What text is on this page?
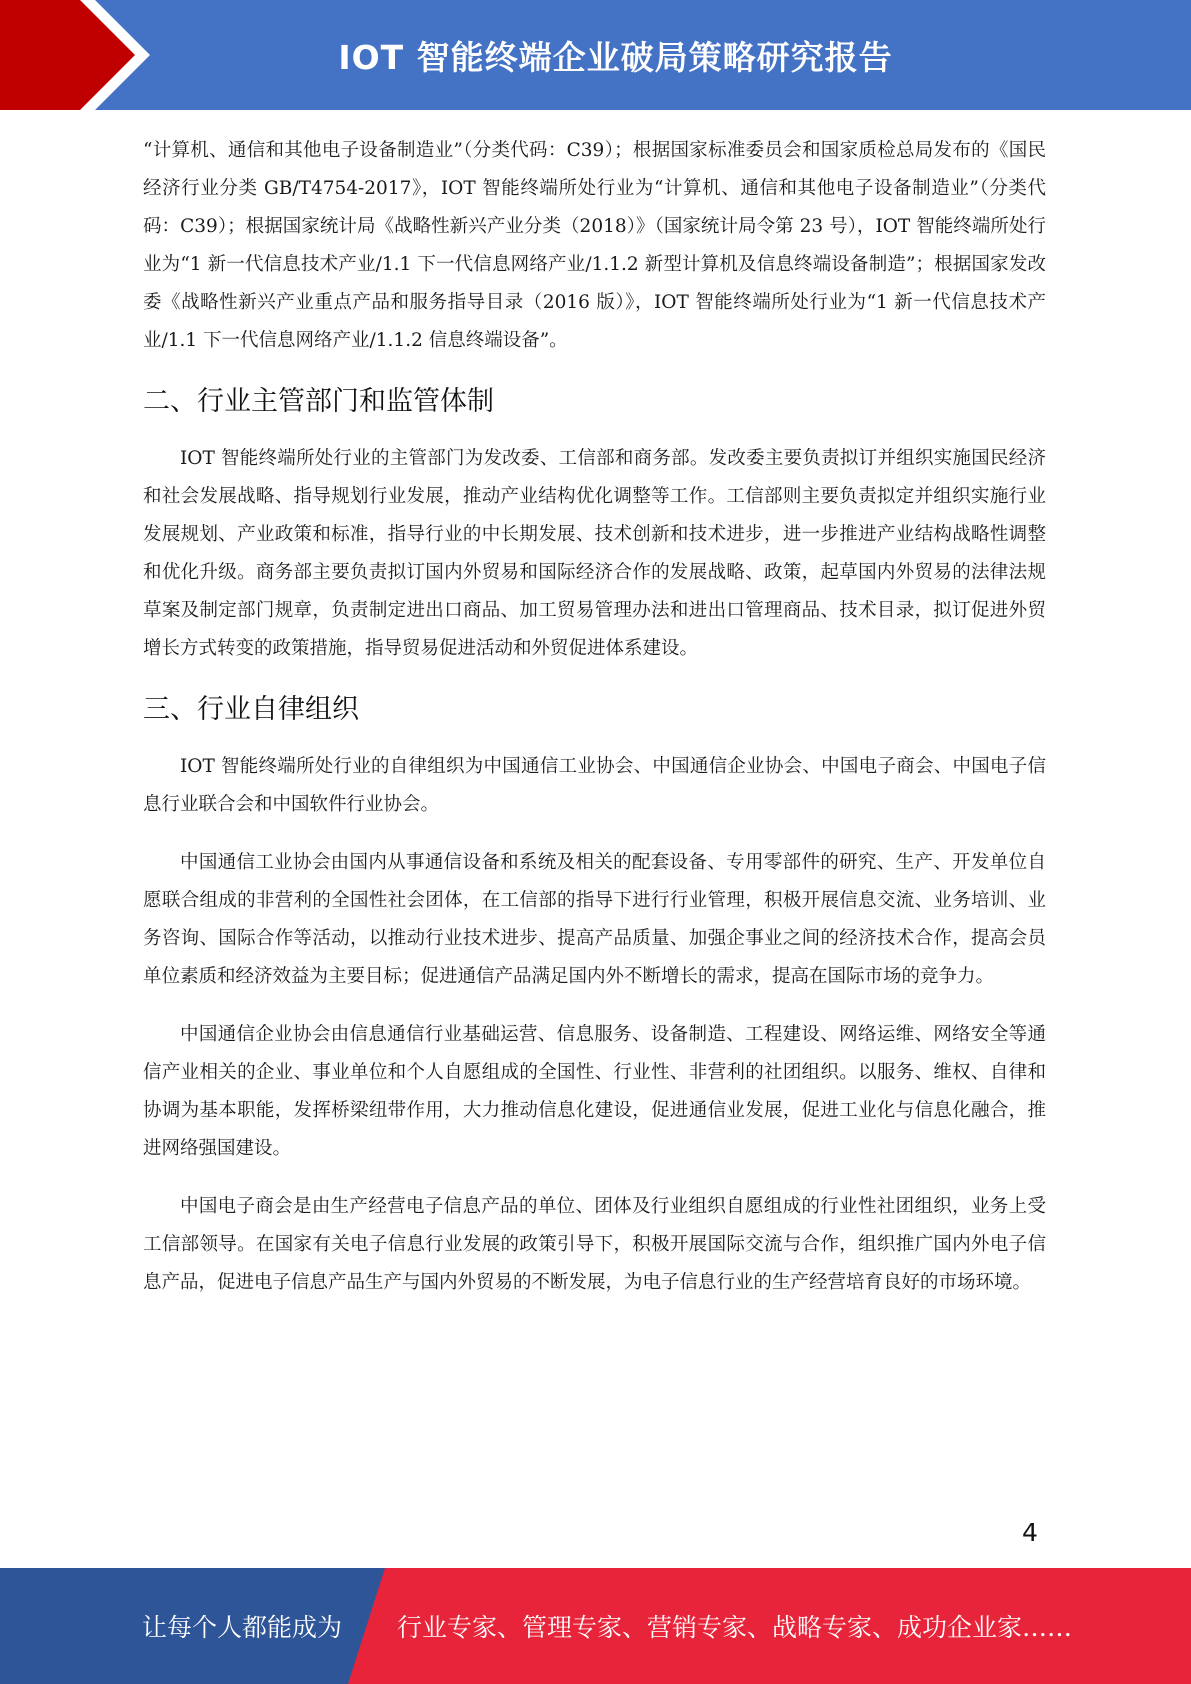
IOT 智能终端企业破局策略研究报告

“计算机、通信和其他电子设备制造业”（分类代码：C39）；根据国家标准委员会和国家质检总局发布的《国民经济行业分类 GB/T4754-2017》，IOT 智能终端所处行业为“计算机、通信和其他电子设备制造业”（分类代码：C39）；根据国家统计局《战略性新兴产业分类（2018）》（国家统计局令第 23 号），IOT 智能终端所处行业为“1 新一代信息技术产业/1.1 下一代信息网络产业/1.1.2 新型计算机及信息终端设备制造”；根据国家发改委《战略性新兴产业重点产品和服务指导目录（2016 版）》，IOT 智能终端所处行业为“1 新一代信息技术产业/1.1 下一代信息网络产业/1.1.2 信息终端设备”。

二、行业主管部门和监管体制

IOT 智能终端所处行业的主管部门为发改委、工信部和商务部。发改委主要负责拟订并组织实施国民经济和社会发展战略、指导规划行业发展，推动产业结构优化调整等工作。工信部则主要负责拟定并组织实施行业发展规划、产业政策和标准，指导行业的中长期发展、技术创新和技术进步，进一步推进产业结构战略性调整和优化升级。商务部主要负责拟订国内外贸易和国际经济合作的发展战略、政策，起草国内外贸易的法律法规草案及制定部门规章，负责制定进出口商品、加工贸易管理办法和进出口管理商品、技术目录，拟订促进外贸增长方式转变的政策措施，指导贸易促进活动和外贸促进体系建设。

三、行业自律组织

IOT 智能终端所处行业的自律组织为中国通信工业协会、中国通信企业协会、中国电子商会、中国电子信息行业联合会和中国软件行业协会。

中国通信工业协会由国内从事通信设备和系统及相关的配套设备、专用零部件的研究、生产、开发单位自愿联合组成的非营利的全国性社会团体，在工信部的指导下进行行业管理，积极开展信息交流、业务培训、业务咨询、国际合作等活动，以推动行业技术进步、提高产品质量、加强企事业之间的经济技术合作，提高会员单位素质和经济效益为主要目标；促进通信产品满足国内外不断增长的需求，提高在国际市场的竞争力。

中国通信企业协会由信息通信行业基础运营、信息服务、设备制造、工程建设、网络运维、网络安全等通信产业相关的企业、事业单位和个人自愿组成的全国性、行业性、非营利的社团组织。以服务、维权、自律和协调为基本职能，发挥桥梁纽带作用，大力推动信息化建设，促进通信业发展，促进工业化与信息化融合，推进网络强国建设。

中国电子商会是由生产经营电子信息产品的单位、团体及行业组织自愿组成的行业性社团组织，业务上受工信部领导。在国家有关电子信息行业发展的政策引导下，积极开展国际交流与合作，组织推广国内外电子信息产品，促进电子信息产品生产与国内外贸易的不断发展，为电子信息行业的生产经营培育良好的市场环境。

4
让每个人都能成为 行业专家、管理专家、营销专家、战略专家、成功企业家……
